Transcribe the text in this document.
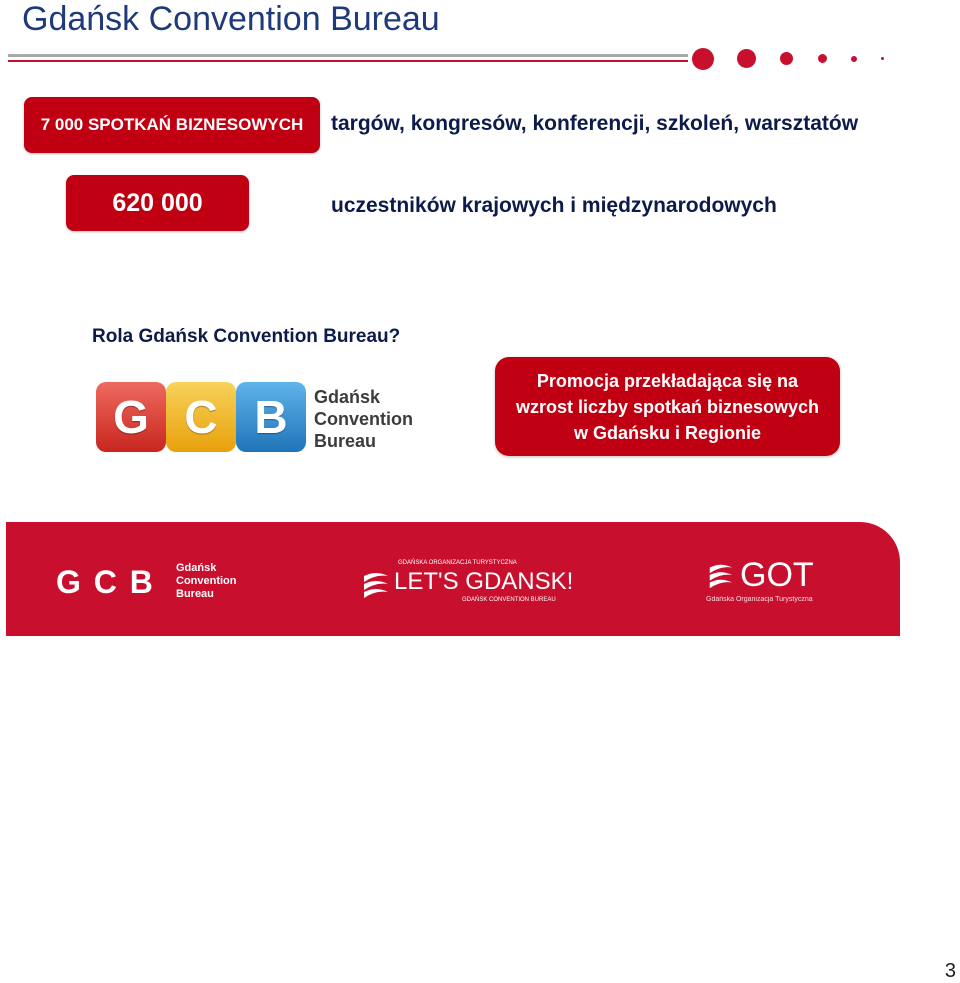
Gdańsk Convention Bureau
7 000 SPOTKAŃ BIZNESOWYCH	targów, kongresów, konferencji, szkoleń, warsztatów
620 000	uczestników krajowych i międzynarodowych
Rola Gdańsk Convention Bureau?
G C B	Gdańsk
Convention
Bureau
Promocja przekładająca się na
wzrost liczby spotkań biznesowych
w Gdańsku i Regionie
G C B Gdańsk
Convention
Bureau
GDAŃSKA ORGANIZACJA TURYSTYCZNA
LET'S GDANSK!
GDAŃSK CONVENTION BUREAU
GOT
Gdańska Organizacja Turystyczna
3
